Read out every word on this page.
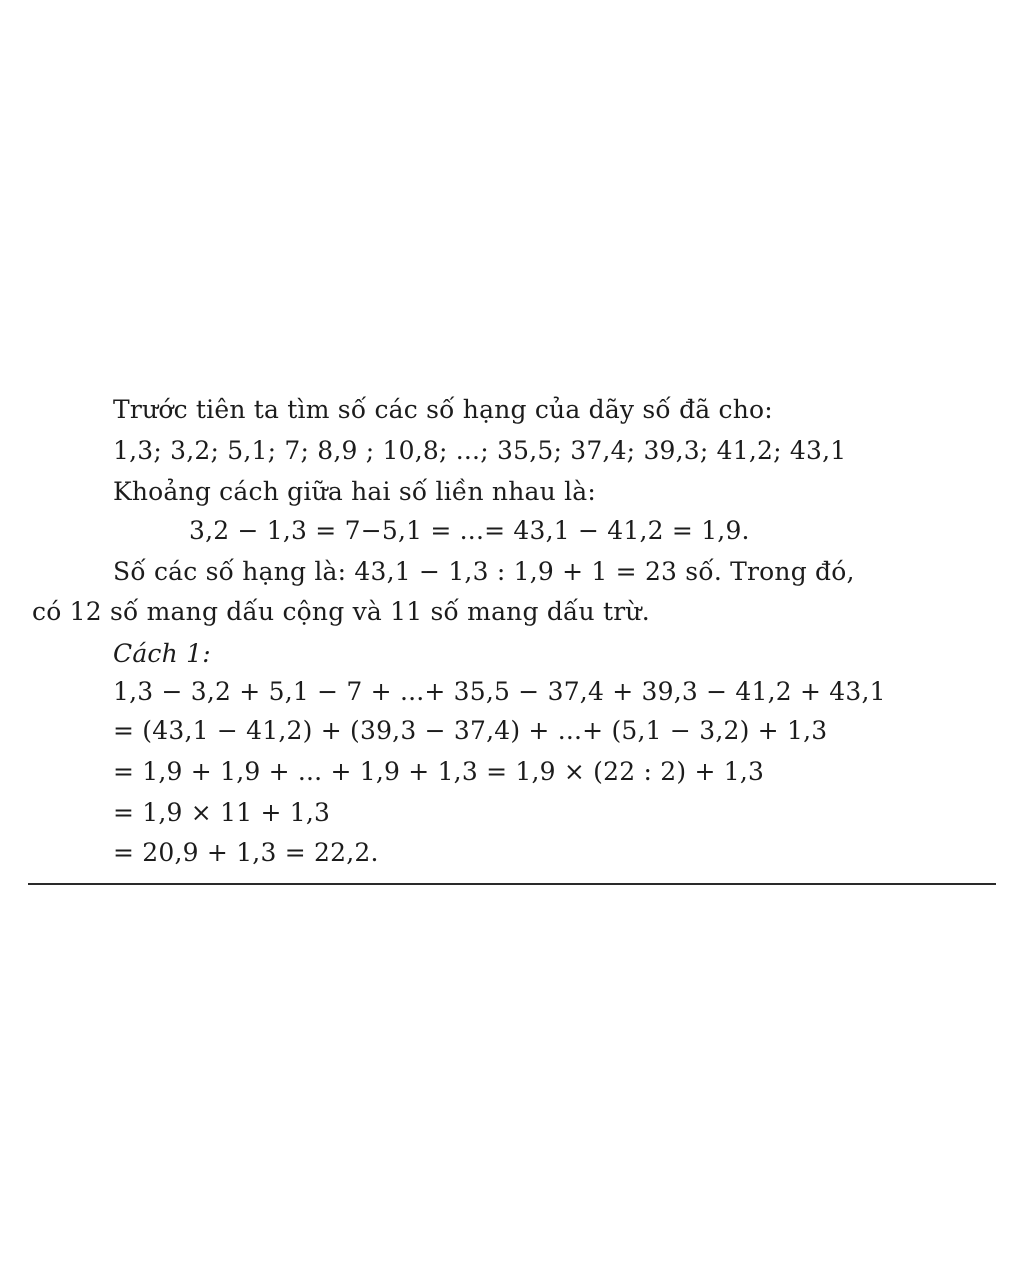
Trước tiên ta tìm số các số hạng của dãy số đã cho:
1,3; 3,2; 5,1; 7; 8,9 ; 10,8; ...; 35,5; 37,4; 39,3; 41,2; 43,1
Khoảng cách giữa hai số liền nhau là:
3,2 − 1,3 = 7−5,1 = ...= 43,1 − 41,2 = 1,9.
Số các số hạng là: 43,1 − 1,3 : 1,9 + 1 = 23 số. Trong đó,
có 12 số mang dấu cộng và 11 số mang dấu trừ.
Cách 1:
1,3 − 3,2 + 5,1 − 7 + ...+ 35,5 − 37,4 + 39,3 − 41,2 + 43,1
= (43,1 − 41,2) + (39,3 − 37,4) + ...+ (5,1 − 3,2) + 1,3
= 1,9 + 1,9 + ... + 1,9 + 1,3 = 1,9 × (22 : 2) + 1,3
= 1,9 × 11 + 1,3
= 20,9 + 1,3 = 22,2.
